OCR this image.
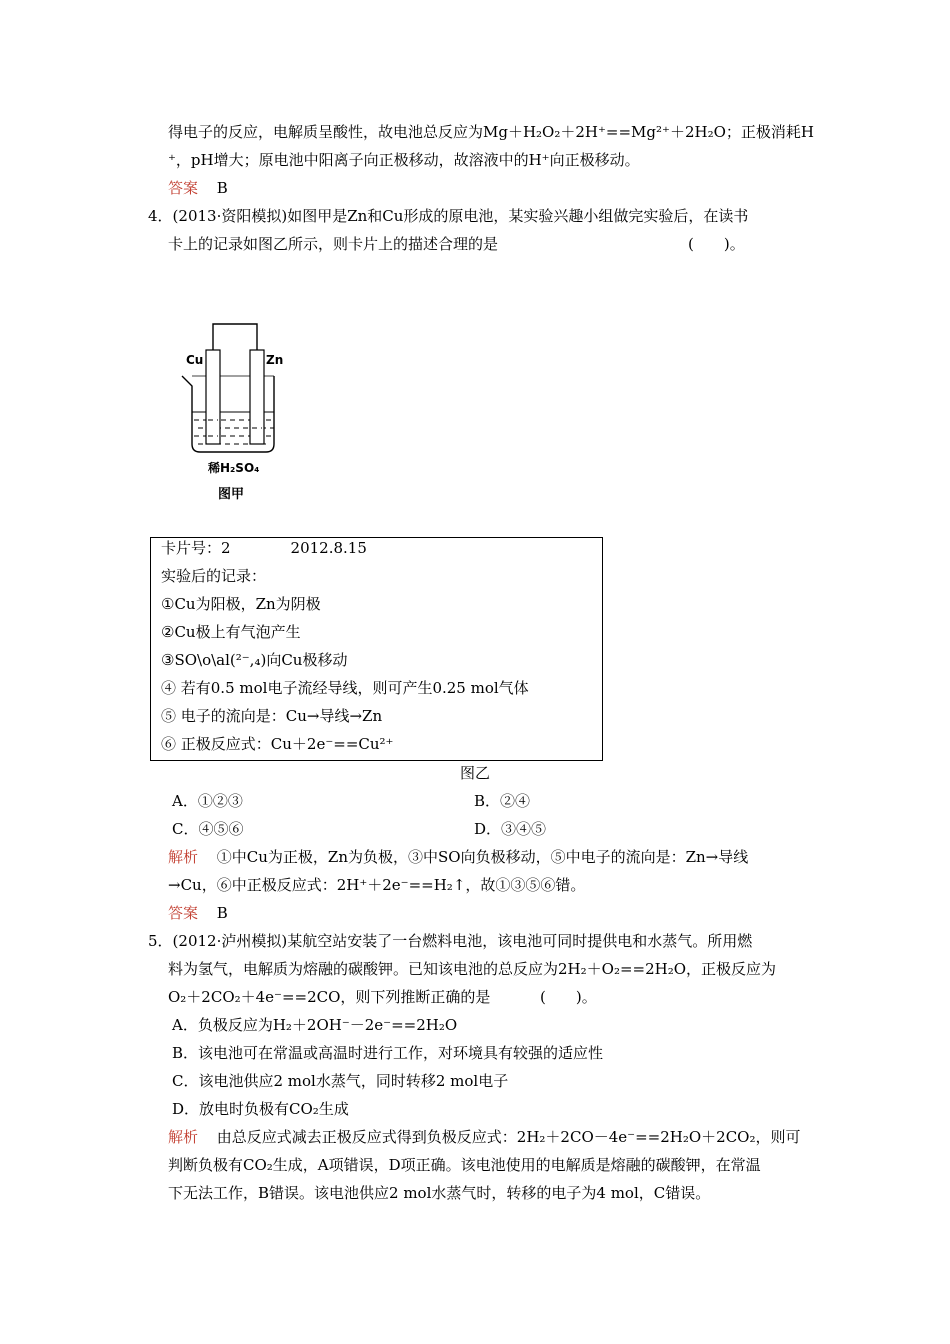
得电子的反应，电解质呈酸性，故电池总反应为Mg＋H₂O₂＋2H⁺==Mg²⁺＋2H₂O；正极消耗H
⁺，pH增大；原电池中阳离子向正极移动，故溶液中的H⁺向正极移动。
答案 B
4．(2013·资阳模拟)如图甲是Zn和Cu形成的原电池，某实验兴趣小组做完实验后，在读书
卡上的记录如图乙所示，则卡片上的描述合理的是	(　　)。
Cu	Zn
稀H₂SO₄
图甲
卡片号：2　　　　2012.8.15
实验后的记录：
①Cu为阳极，Zn为阴极
②Cu极上有气泡产生
③SO\o\al(²⁻,₄)向Cu极移动
④ 若有0.5 mol电子流经导线，则可产生0.25 mol气体
⑤ 电子的流向是：Cu→导线→Zn
⑥ 正极反应式：Cu＋2e⁻==Cu²⁺
图乙
A．①②③	B．②④
C．④⑤⑥	D．③④⑤
解析 ①中Cu为正极，Zn为负极，③中SO向负极移动，⑤中电子的流向是：Zn→导线
→Cu，⑥中正极反应式：2H⁺＋2e⁻==H₂↑，故①③⑤⑥错。
答案 B
5．(2012·泸州模拟)某航空站安装了一台燃料电池，该电池可同时提供电和水蒸气。所用燃
料为氢气，电解质为熔融的碳酸钾。已知该电池的总反应为2H₂＋O₂==2H₂O，正极反应为
O₂＋2CO₂＋4e⁻==2CO，则下列推断正确的是	(　　)。
A．负极反应为H₂＋2OH⁻－2e⁻==2H₂O
B．该电池可在常温或高温时进行工作，对环境具有较强的适应性
C．该电池供应2 mol水蒸气，同时转移2 mol电子
D．放电时负极有CO₂生成
解析 由总反应式减去正极反应式得到负极反应式：2H₂＋2CO－4e⁻==2H₂O＋2CO₂，则可
判断负极有CO₂生成，A项错误，D项正确。该电池使用的电解质是熔融的碳酸钾，在常温
下无法工作，B错误。该电池供应2 mol水蒸气时，转移的电子为4 mol，C错误。
